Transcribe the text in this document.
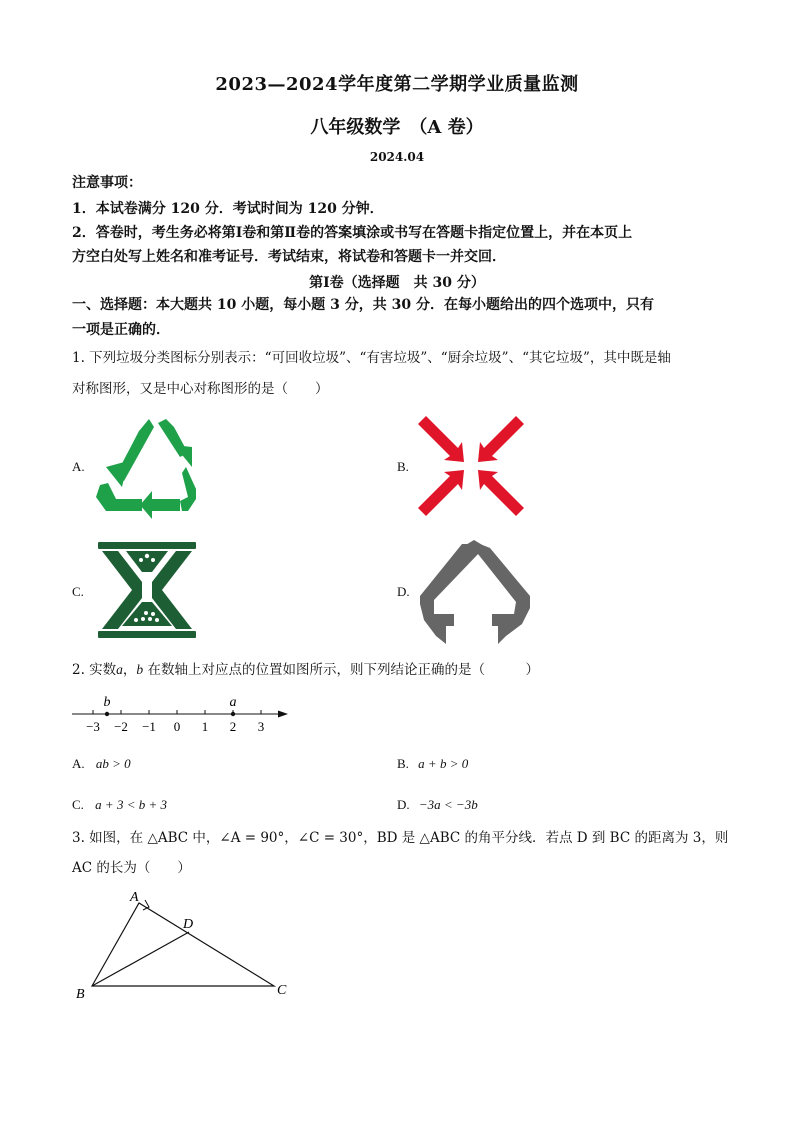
2023—2024学年度第二学期学业质量监测
八年级数学　（A 卷）
2024.04
注意事项：
1．本试卷满分 120 分．考试时间为 120 分钟．
2．答卷时，考生务必将第Ⅰ卷和第Ⅱ卷的答案填涂或书写在答题卡指定位置上，并在本页上
方空白处写上姓名和准考证号．考试结束，将试卷和答题卡一并交回．
第Ⅰ卷（选择题　共 30 分）
一、选择题：本大题共 10 小题，每小题 3 分，共 30 分．在每小题给出的四个选项中，只有
一项是正确的．
1. 下列垃圾分类图标分别表示：“可回收垃圾”、“有害垃圾”、“厨余垃圾”、“其它垃圾”，其中既是轴
对称图形，又是中心对称图形的是（　　）
A.	B.
C.	D.
2. 实数a，b 在数轴上对应点的位置如图所示，则下列结论正确的是（　　　）
−3 −2 −1 0 1 2 3
b	a
A. ab > 0	B. a + b > 0
C. a + 3 < b + 3	D. −3a < −3b
3. 如图，在 △ABC 中，∠A = 90°，∠C = 30°，BD 是 △ABC 的角平分线．若点 D 到 BC 的距离为 3，则
AC 的长为（　　）
A
B	C
D
